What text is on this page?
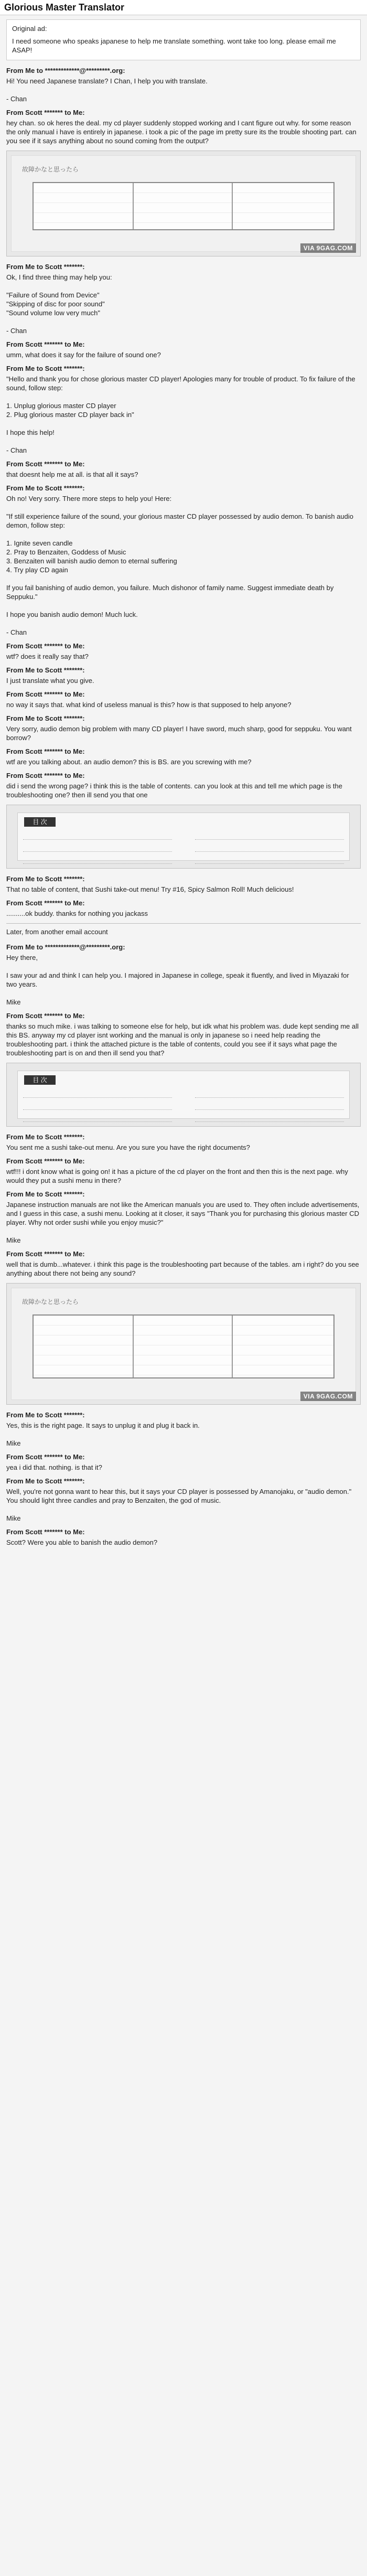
Glorious Master Translator
Original ad:
I need someone who speaks japanese to help me translate something. wont take too long. please email me ASAP!
From Me to *************@*********.org:
Hi! You need Japanese translate? I Chan, I help you with translate.

- Chan
From Scott ******* to Me:
hey chan. so ok heres the deal. my cd player suddenly stopped working and I cant figure out why. for some reason the only manual i have is entirely in japanese. i took a pic of the page im pretty sure its the trouble shooting part. can you see if it says anything about no sound coming from the output?
故障かなと思ったら
VIA 9GAG.COM
From Me to Scott *******:
Ok, I find three thing may help you:

"Failure of Sound from Device"
"Skipping of disc for poor sound"
"Sound volume low very much"

- Chan
From Scott ******* to Me:
umm, what does it say for the failure of sound one?
From Me to Scott *******:
"Hello and thank you for chose glorious master CD player! Apologies many for trouble of product. To fix failure of the sound, follow step:

1. Unplug glorious master CD player
2. Plug glorious master CD player back in"

I hope this help!

- Chan
From Scott ******* to Me:
that doesnt help me at all. is that all it says?
From Me to Scott *******:
Oh no! Very sorry. There more steps to help you! Here:

"If still experience failure of the sound, your glorious master CD player possessed by audio demon. To banish audio demon, follow step:

1. Ignite seven candle
2. Pray to Benzaiten, Goddess of Music
3. Benzaiten will banish audio demon to eternal suffering
4. Try play CD again

If you fail banishing of audio demon, you failure. Much dishonor of family name. Suggest immediate death by Seppuku."

I hope you banish audio demon! Much luck.

- Chan
From Scott ******* to Me:
wtf? does it really say that?
From Me to Scott *******:
I just translate what you give.
From Scott ******* to Me:
no way it says that. what kind of useless manual is this? how is that supposed to help anyone?
From Me to Scott *******:
Very sorry, audio demon big problem with many CD player! I have sword, much sharp, good for seppuku. You want borrow?
From Scott ******* to Me:
wtf are you talking about. an audio demon? this is BS. are you screwing with me?
From Scott ******* to Me:
did i send the wrong page? i think this is the table of contents. can you look at this and tell me which page is the troubleshooting one? then ill send you that one
目 次
From Me to Scott *******:
That no table of content, that Sushi take-out menu! Try #16, Spicy Salmon Roll! Much delicious!
From Scott ******* to Me:
..........ok buddy. thanks for nothing you jackass
Later, from another email account
From Me to *************@*********.org:
Hey there,

I saw your ad and think I can help you. I majored in Japanese in college, speak it fluently, and lived in Miyazaki for two years.

Mike
From Scott ******* to Me:
thanks so much mike. i was talking to someone else for help, but idk what his problem was. dude kept sending me all this BS. anyway my cd player isnt working and the manual is only in japanese so i need help reading the troubleshooting part. i think the attached picture is the table of contents, could you see if it says what page the troubleshooting part is on and then ill send you that?
目 次
From Me to Scott *******:
You sent me a sushi take-out menu. Are you sure you have the right documents?
From Scott ******* to Me:
wtf!!! i dont know what is going on! it has a picture of the cd player on the front and then this is the next page. why would they put a sushi menu in there?
From Me to Scott *******:
Japanese instruction manuals are not like the American manuals you are used to. They often include advertisements, and I guess in this case, a sushi menu. Looking at it closer, it says "Thank you for purchasing this glorious master CD player. Why not order sushi while you enjoy music?"

Mike
From Scott ******* to Me:
well that is dumb...whatever. i think this page is the troubleshooting part because of the tables. am i right? do you see anything about there not being any sound?
故障かなと思ったら
VIA 9GAG.COM
From Me to Scott *******:
Yes, this is the right page. It says to unplug it and plug it back in.

Mike
From Scott ******* to Me:
yea i did that. nothing. is that it?
From Me to Scott *******:
Well, you're not gonna want to hear this, but it says your CD player is possessed by Amanojaku, or "audio demon." You should light three candles and pray to Benzaiten, the god of music.

Mike
From Scott ******* to Me:
Scott? Were you able to banish the audio demon?
